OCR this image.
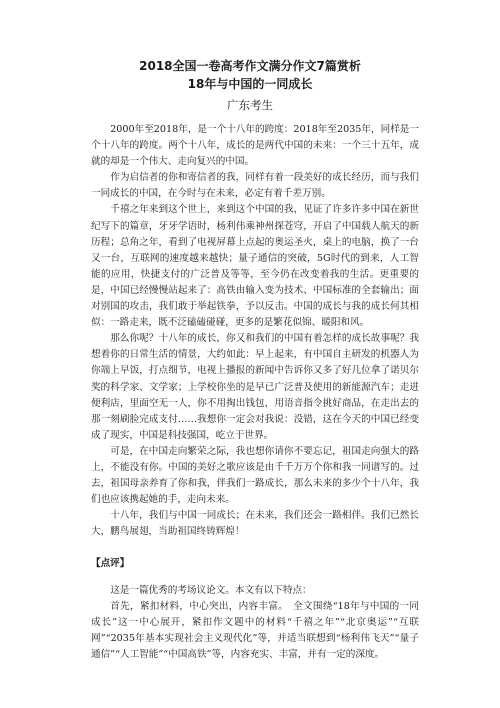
2018全国一卷高考作文满分作文7篇赏析

18年与中国的一同成长

广东考生

2000年至2018年，是一个十八年的跨度：2018年至2035年，同样是一个十八年的跨度。两个十八年，成长的是两代中国的未来：一个三十五年，成就的却是一个伟大、走向复兴的中国。

作为启信者的你和寄信者的我，同样有着一段美好的成长经历，而与我们一同成长的中国，在今时与在未来，必定有着千差万别。

千禧之年来到这个世上，来到这个中国的我，见证了许多许多中国在新世纪写下的篇章，牙牙学语时，杨利伟乘神州探苍穹，开启了中国载人航天的新历程；总角之年，看到了电视屏幕上点起的奥运圣火，桌上的电脑，换了一台又一台，互联网的速度越来越快；量子通信的突破，5G时代的到来，人工智能的应用，快捷支付的广泛普及等等，至今仍在改变着我的生活。更重要的是，中国已经慢慢站起来了：高铁由输入变为技术、中国标准的全套输出；面对别国的攻击，我们敢于举起铁拳，予以反击。中国的成长与我的成长何其相似：一路走来，既不泛磕磕碰碰，更多的是繁花似锦、暖阳和风。

那么你呢？十八年的成长，你又和我们的中国有着怎样的成长故事呢？我想着你的日常生活的情景，大约如此：早上起来，有中国自主研发的机器人为你端上早饭，打点细节，电视上播报的新闻中告诉你又多了好几位拿了诺贝尔奖的科学家、文学家；上学校你坐的是早已广泛普及使用的新能源汽车；走进便利店，里面空无一人，你不用掏出钱包，用语音指令挑好商品，在走出去的那一刻刷脸完成支付……我想你一定会对我说：没错，这在今天的中国已经变成了现实，中国是科技强国，屹立于世界。

可是，在中国走向繁荣之际，我也想你请你不要忘记，祖国走向强大的路上，不能没有你。中国的美好之歌应该是由千千万万个你和我一同谱写的。过去，祖国母亲养育了你和我，伴我们一路成长，那么未来的多少个十八年，我们也应该携起她的手，走向未来。

十八年，我们与中国一同成长；在未来，我们还会一路相伴。我们已然长大，鹏鸟展翅，当助祖国终铸辉煌！

【点评】

这是一篇优秀的考场议论文。本文有以下特点：

首先，紧扣材料，中心突出，内容丰富。　全文围绕“18年与中国的一同成长”这一中心展开，紧扣作文题中的材料“千禧之年”“北京奥运”“互联网”“2035年基本实现社会主义现代化”等，并适当联想到“杨利伟飞天”“量子通信”“人工智能”“中国高铁”等，内容充实、丰富，并有一定的深度。
